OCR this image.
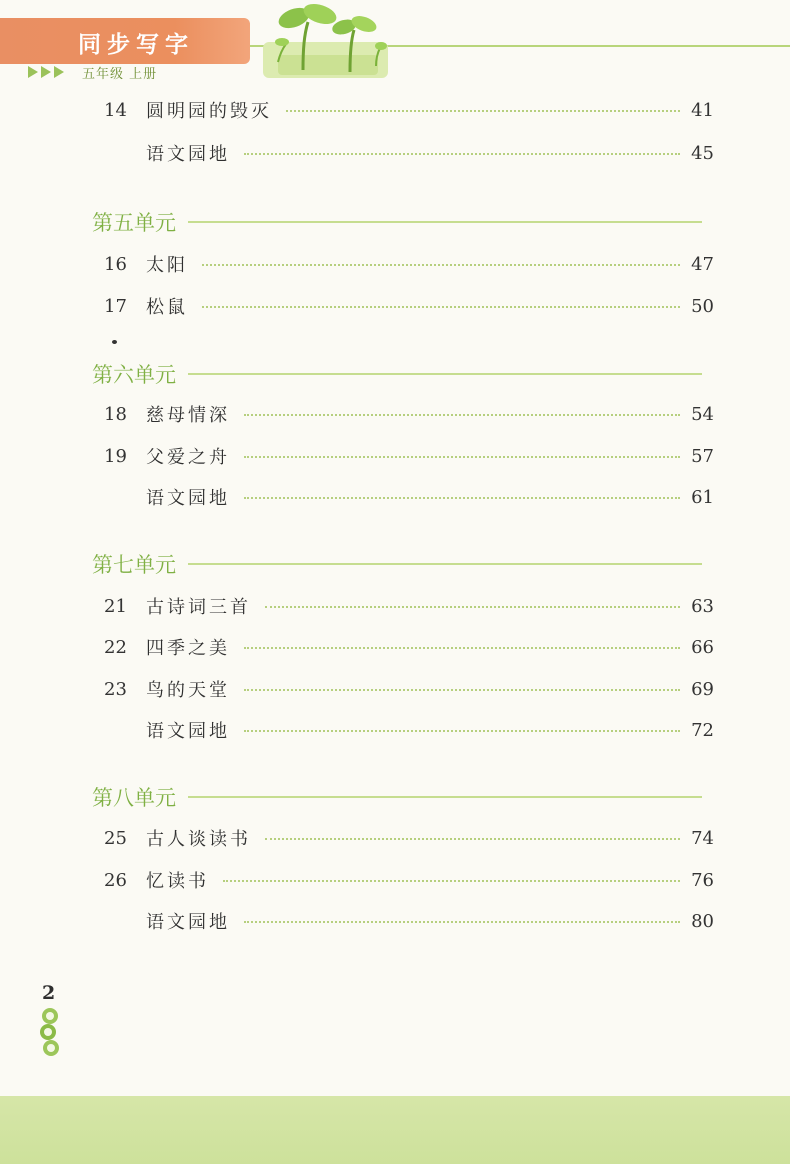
同步写字
五年级 上册
14	圆明园的毁灭	41
语文园地	45
第五单元
16	太阳	47
17	松鼠	50
第六单元
18	慈母情深	54
19	父爱之舟	57
语文园地	61
第七单元
21	古诗词三首	63
22	四季之美	66
23	鸟的天堂	69
语文园地	72
第八单元
25	古人谈读书	74
26	忆读书	76
语文园地	80
2
